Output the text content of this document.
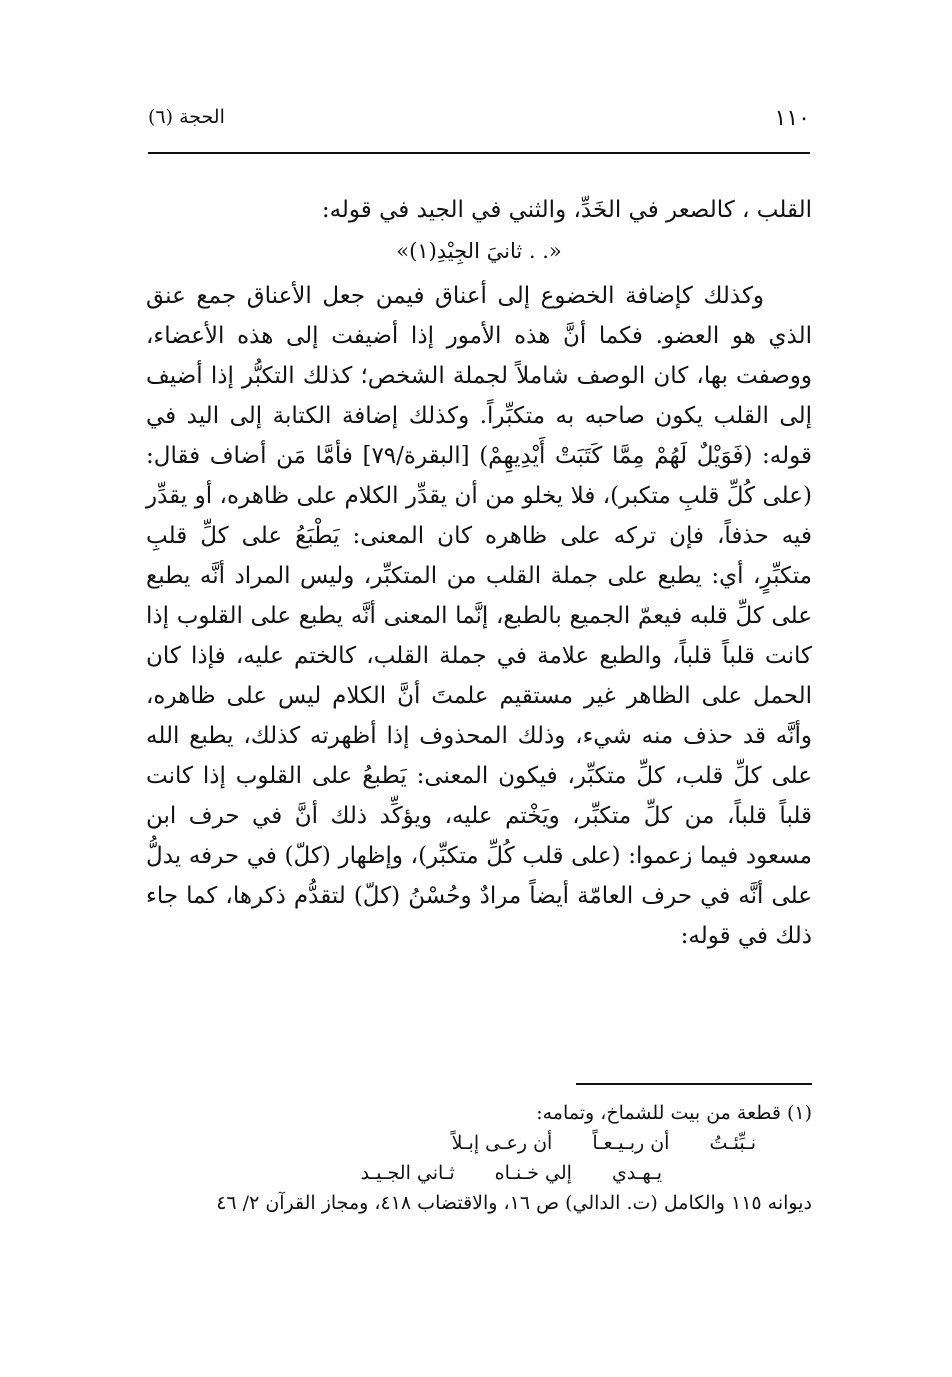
١١٠
الحجة (٦)

القلب ، كالصعر في الخَدِّ، والثني في الجيد في قوله:

«. . ثانيَ الجِيْدِ(١)»

وكذلك كإضافة الخضوع إلى أعناق فيمن جعل الأعناق جمع عنق الذي هو العضو. فكما أنَّ هذه الأمور إذا أضيفت إلى هذه الأعضاء، ووصفت بها، كان الوصف شاملاً لجملة الشخص؛ كذلك التكبُّر إذا أضيف إلى القلب يكون صاحبه به متكبِّراً. وكذلك إضافة الكتابة إلى اليد في قوله: (فَوَيْلٌ لَهُمْ مِمَّا كَتَبَتْ أَيْدِيهِمْ) [البقرة/٧٩] فأمَّا مَن أضاف فقال: (على كُلِّ قلبِ متكبر)، فلا يخلو من أن يقدِّر الكلام على ظاهره، أو يقدِّر فيه حذفاً، فإن تركه على ظاهره كان المعنى: يَطْبَعُ على كلِّ قلبِ متكبِّرٍ، أي: يطبع على جملة القلب من المتكبِّر، وليس المراد أنَّه يطبع على كلِّ قلبه فيعمّ الجميع بالطبع، إنَّما المعنى أنَّه يطبع على القلوب إذا كانت قلباً قلباً، والطبع علامة في جملة القلب، كالختم عليه، فإذا كان الحمل على الظاهر غير مستقيم علمتَ أنَّ الكلام ليس على ظاهره، وأنَّه قد حذف منه شيء، وذلك المحذوف إذا أظهرته كذلك، يطبع الله على كلِّ قلب، كلِّ متكبِّر، فيكون المعنى: يَطبعُ على القلوب إذا كانت قلباً قلباً، من كلِّ متكبِّر، ويَخْتم عليه، ويؤكِّد ذلك أنَّ في حرف ابن مسعود فيما زعموا: (على قلب كُلِّ متكبِّر)، وإظهار (كلّ) في حرفه يدلُّ على أنَّه في حرف العامّة أيضاً مرادٌ وحُسْنُ (كلّ) لتقدُّم ذكرها، كما جاء ذلك في قوله:

(١) قطعة من بيت للشماخ، وتمامه:

نـبِّئـتُ
أن ربـيـعـاً
أن رعـى إبـلاً
يـهـدي
إلي خـنـاه
ثـاني الجـيـد

ديوانه ١١٥ والكامل (ت. الدالي) ص ١٦، والاقتضاب ٤١٨، ومجاز القرآن ٢/ ٤٦
